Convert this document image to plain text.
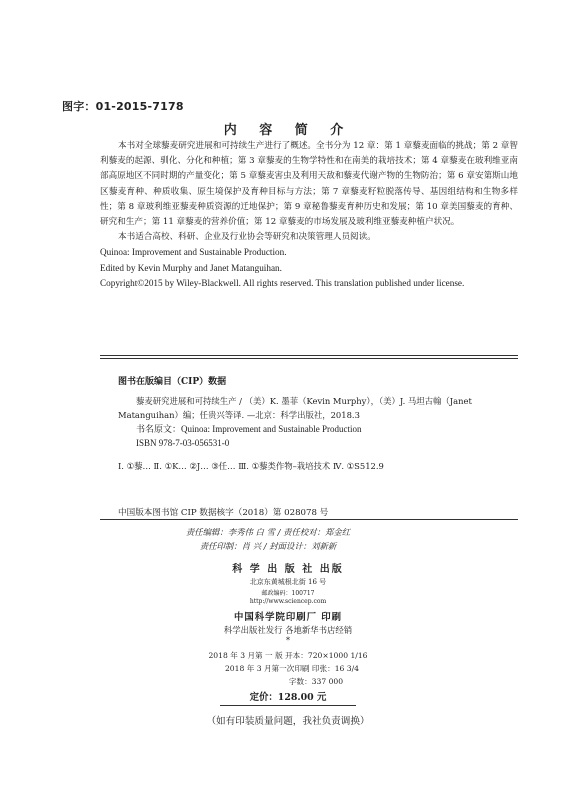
图字：01-2015-7178
内 容 简 介

本书对全球藜麦研究进展和可持续生产进行了概述。全书分为 12 章：第 1 章藜麦面临的挑战；第 2 章智利藜麦的起源、驯化、分化和种植；第 3 章藜麦的生物学特性和在南美的栽培技术；第 4 章藜麦在玻利维亚南部高原地区不同时期的产量变化；第 5 章藜麦害虫及利用天敌和藜麦代谢产物的生物防治；第 6 章安第斯山地区藜麦育种、种质收集、原生境保护及育种目标与方法；第 7 章藜麦籽粒脱落传导、基因组结构和生物多样性；第 8 章玻利维亚藜麦种质资源的迁地保护；第 9 章秘鲁藜麦育种历史和发展；第 10 章美国藜麦的育种、研究和生产；第 11 章藜麦的营养价值；第 12 章藜麦的市场发展及玻利维亚藜麦种植户状况。

本书适合高校、科研、企业及行业协会等研究和决策管理人员阅读。

Quinoa: Improvement and Sustainable Production.

Edited by Kevin Murphy and Janet Matanguihan.

Copyright©2015 by Wiley-Blackwell. All rights reserved. This translation published under license.

图书在版编目（CIP）数据
藜麦研究进展和可持续生产 / （美）K. 墨菲（Kevin Murphy），（美）J. 马坦古翰（Janet Matanguihan）编；任贵兴等译. —北京：科学出版社，2018.3
书名原文：Quinoa: Improvement and Sustainable Production
ISBN 978-7-03-056531-0
Ⅰ. ①藜… Ⅱ. ①K… ②J… ③任… Ⅲ. ①藜类作物–栽培技术 Ⅳ. ①S512.9
中国版本图书馆 CIP 数据核字（2018）第 028078 号
责任编辑：李秀伟 白 雪 / 责任校对：郑金红
责任印制：肖 兴 / 封面设计：刘新新
科 学 出 版 社 出版
北京东黄城根北街 16 号
邮政编码：100717
http://www.sciencep.com
中国科学院印刷厂 印刷
科学出版社发行 各地新华书店经销
*
2018 年 3 月第 一 版 开本：720×1000 1/16
2018 年 3 月第一次印刷 印张：16 3/4
字数：337 000
定价：128.00 元
（如有印装质量问题，我社负责调换）
